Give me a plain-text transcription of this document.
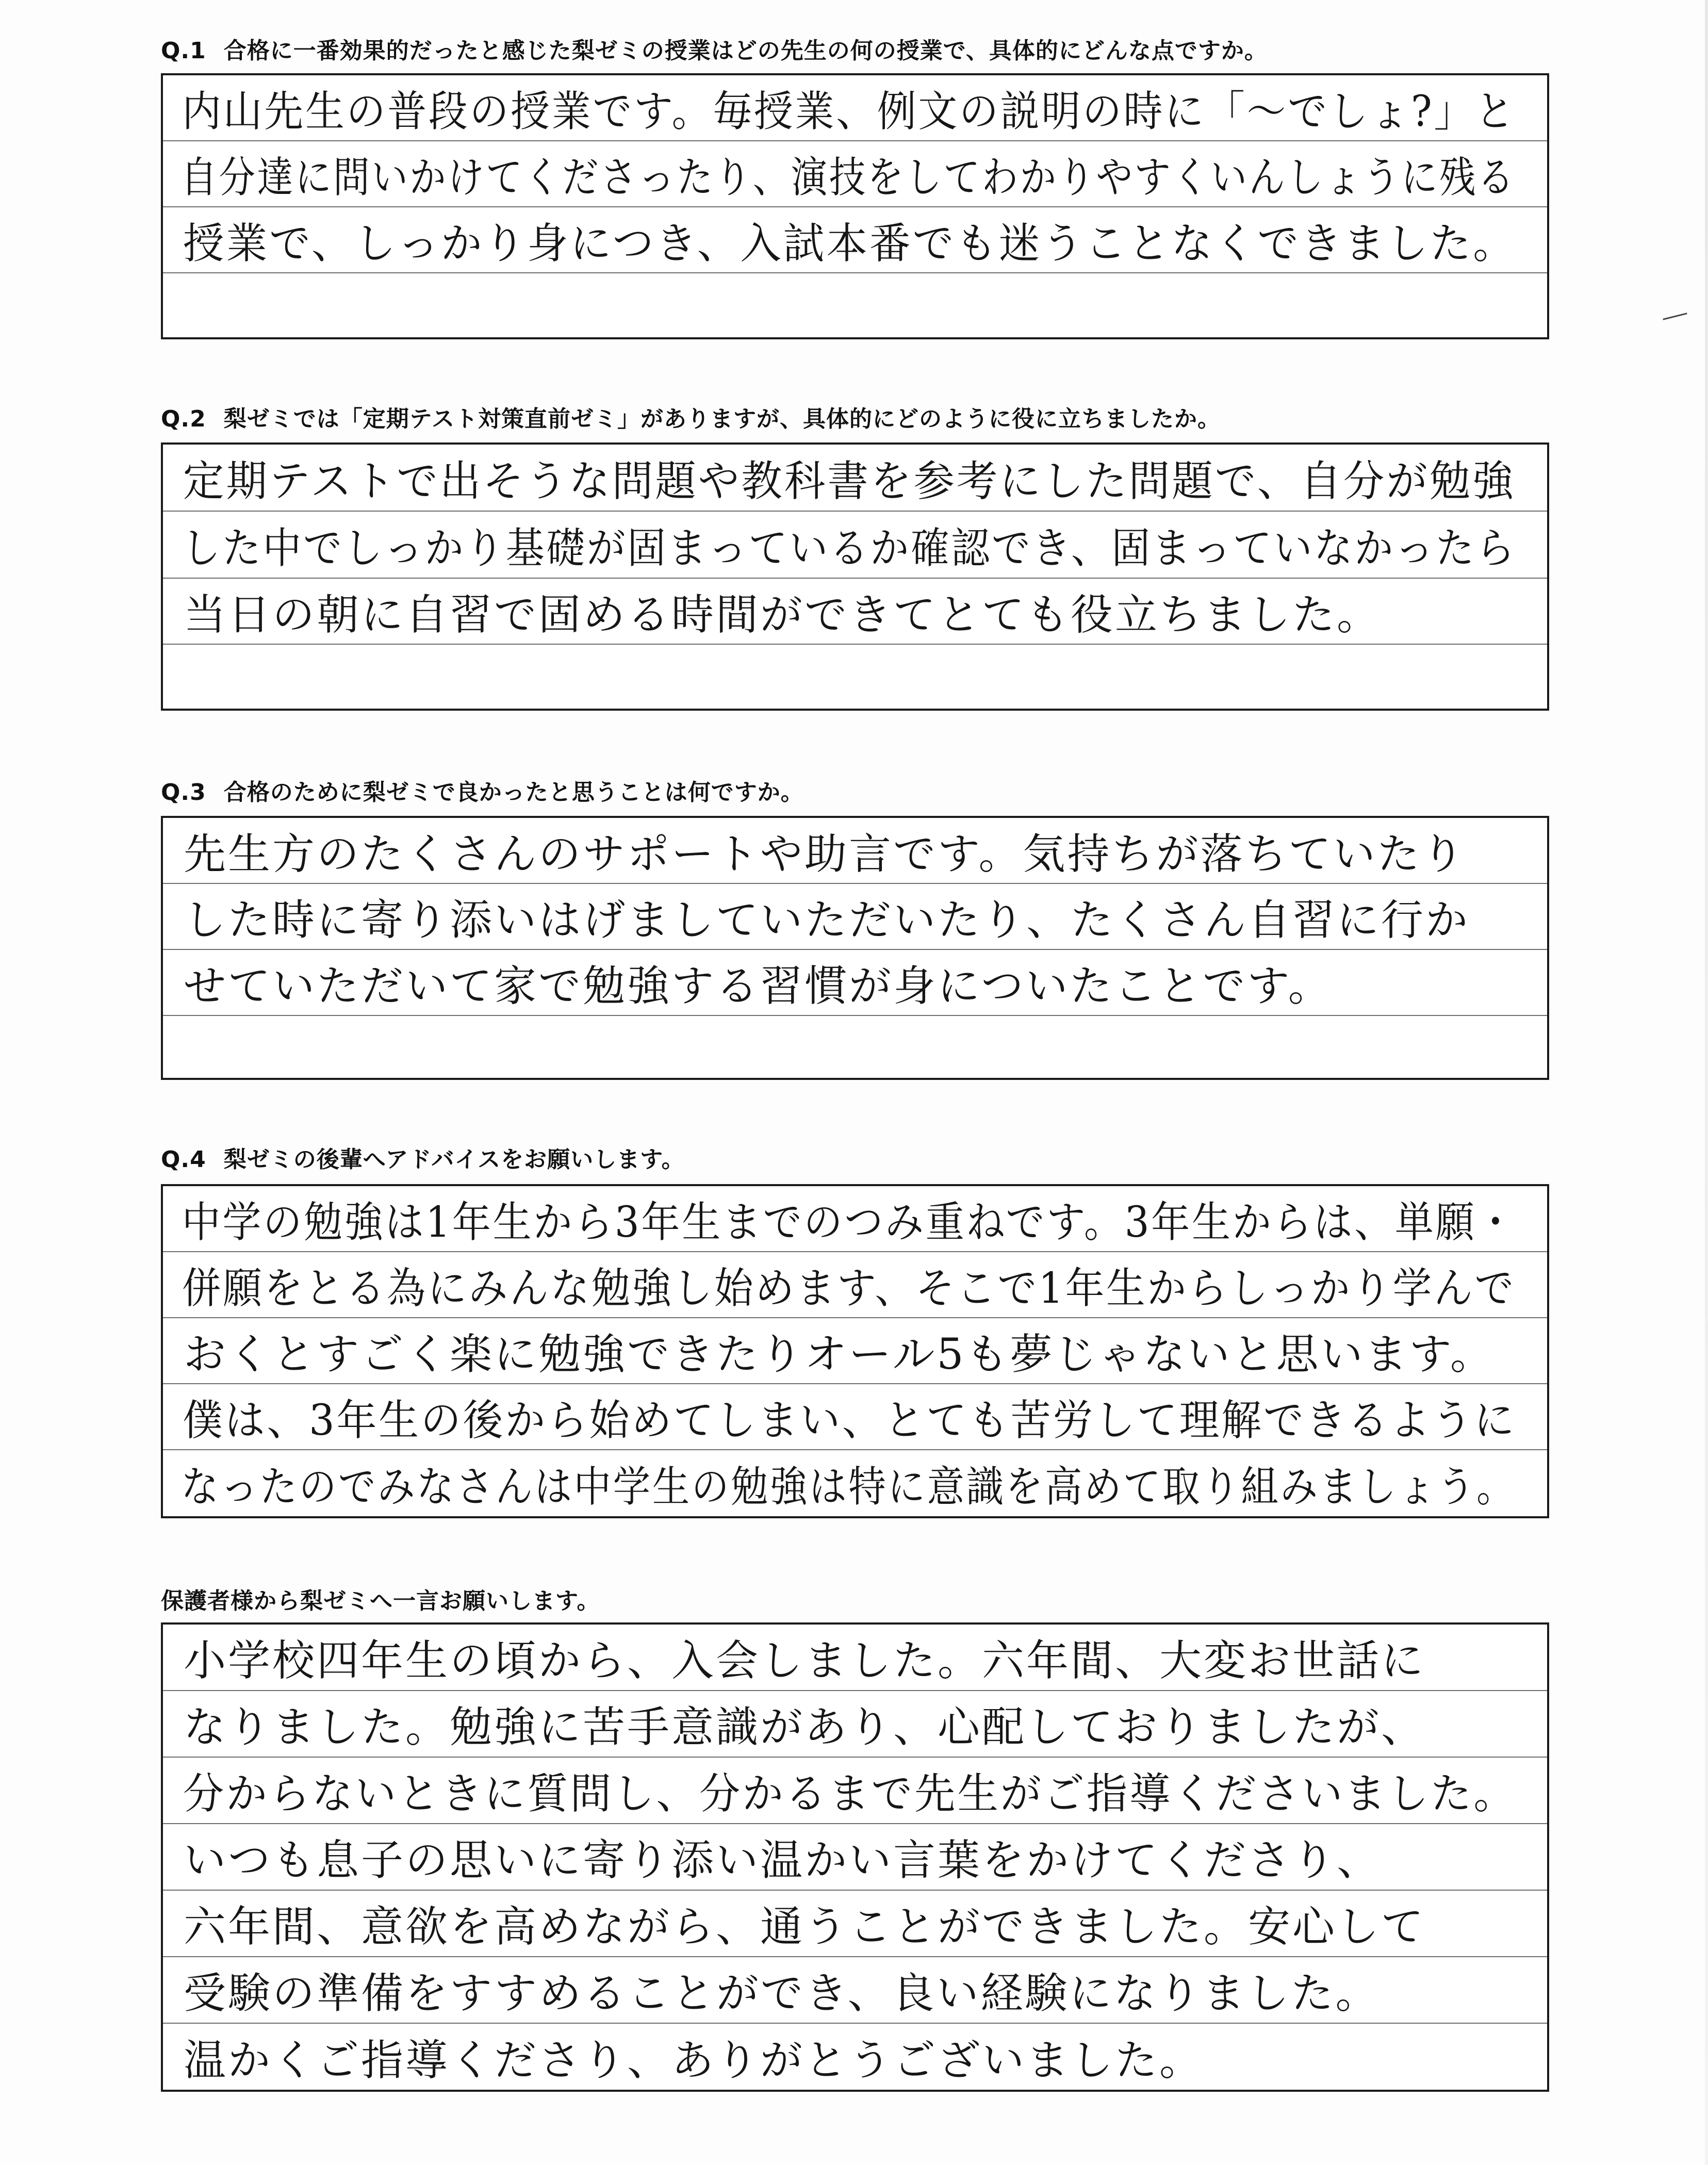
Q.1 合格に一番効果的だったと感じた梨ゼミの授業はどの先生の何の授業で、具体的にどんな点ですか。
内山先生の普段の授業です。毎授業、例文の説明の時に「〜でしょ?」と
自分達に問いかけてくださったり、演技をしてわかりやすくいんしょうに残る
授業で、しっかり身につき、入試本番でも迷うことなくできました。
Q.2 梨ゼミでは「定期テスト対策直前ゼミ」がありますが、具体的にどのように役に立ちましたか。
定期テストで出そうな問題や教科書を参考にした問題で、自分が勉強
した中でしっかり基礎が固まっているか確認でき、固まっていなかったら
当日の朝に自習で固める時間ができてとても役立ちました。
Q.3 合格のために梨ゼミで良かったと思うことは何ですか。
先生方のたくさんのサポートや助言です。気持ちが落ちていたり
した時に寄り添いはげましていただいたり、たくさん自習に行か
せていただいて家で勉強する習慣が身についたことです。
Q.4 梨ゼミの後輩へアドバイスをお願いします。
中学の勉強は1年生から3年生までのつみ重ねです。3年生からは、単願・
併願をとる為にみんな勉強し始めます、そこで1年生からしっかり学んで
おくとすごく楽に勉強できたりオール5も夢じゃないと思います。
僕は、3年生の後から始めてしまい、とても苦労して理解できるように
なったのでみなさんは中学生の勉強は特に意識を高めて取り組みましょう。
保護者様から梨ゼミへ一言お願いします。
小学校四年生の頃から、入会しました。六年間、大変お世話に
なりました。勉強に苦手意識があり、心配しておりましたが、
分からないときに質問し、分かるまで先生がご指導くださいました。
いつも息子の思いに寄り添い温かい言葉をかけてくださり、
六年間、意欲を高めながら、通うことができました。安心して
受験の準備をすすめることができ、良い経験になりました。
温かくご指導くださり、ありがとうございました。
